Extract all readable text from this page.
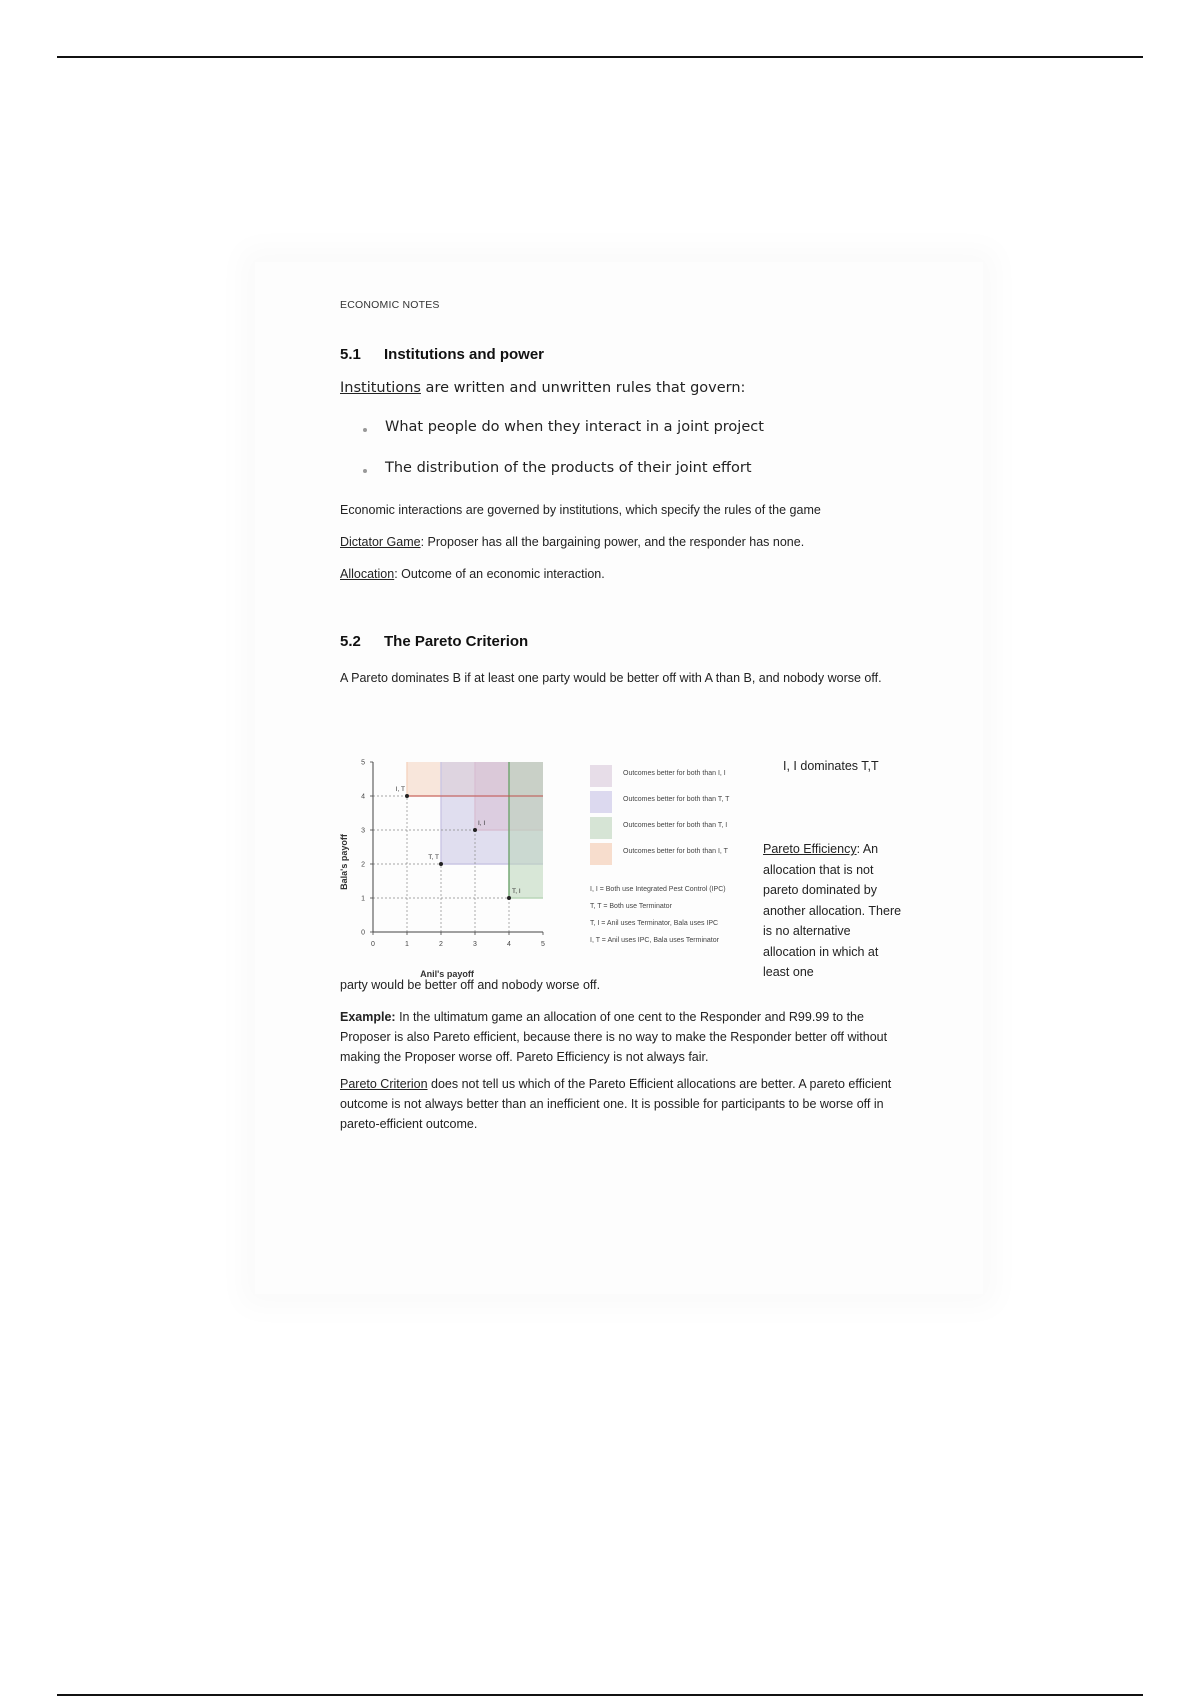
ECONOMIC NOTES
5.1 Institutions and power
Institutions are written and unwritten rules that govern:
What people do when they interact in a joint project
The distribution of the products of their joint effort
Economic interactions are governed by institutions, which specify the rules of the game
Dictator Game: Proposer has all the bargaining power, and the responder has none.
Allocation: Outcome of an economic interaction.
5.2 The Pareto Criterion
A Pareto dominates B if at least one party would be better off with A than B, and nobody worse off.
0	1	2	3	4	5
0
1
2
3
4
5
I, I
T, T
T, I
I, T
Anil's payoff
Bala's payoff
Outcomes better for both than I, I
Outcomes better for both than T, T
Outcomes better for both than T, I
Outcomes better for both than I, T
I, I = Both use Integrated Pest Control (IPC)
T, T = Both use Terminator
T, I = Anil uses Terminator, Bala uses IPC
I, T = Anil uses IPC, Bala uses Terminator
I, I dominates T,T
Pareto Efficiency: An allocation that is not pareto dominated by another allocation. There is no alternative allocation in which at least one
party would be better off and nobody worse off.
Example: In the ultimatum game an allocation of one cent to the Responder and R99.99 to the Proposer is also Pareto efficient, because there is no way to make the Responder better off without making the Proposer worse off. Pareto Efficiency is not always fair.
Pareto Criterion does not tell us which of the Pareto Efficient allocations are better. A pareto efficient outcome is not always better than an inefficient one. It is possible for participants to be worse off in pareto-efficient outcome.
